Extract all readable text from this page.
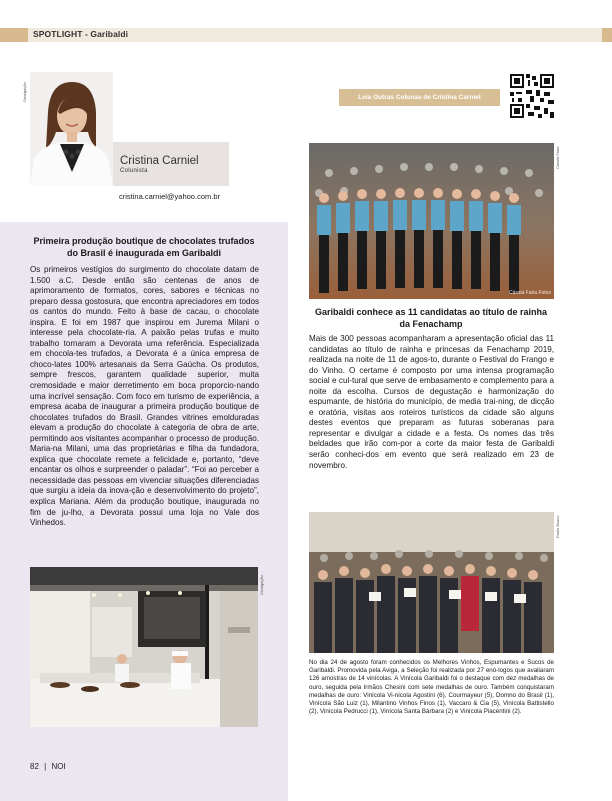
SPOTLIGHT - Garibaldi
Divulgação
Cristina Carniel
Colunista
cristina.carniel@yahoo.com.br
Leia Outras Colunas de Cristina Carniel
Primeira produção boutique de chocolates trufados do Brasil é inaugurada em Garibaldi
Os primeiros vestígios do surgimento do chocolate datam de 1.500 a.C. Desde então são centenas de anos de aprimoramento de formatos, cores, sabores e técnicas no preparo dessa gostosura, que encontra apreciadores em todos os cantos do mundo. Feito à base de cacau, o chocolate inspira. E foi em 1987 que inspirou em Jurema Milani o interesse pela chocolate-ria. A paixão pelas trufas e muito trabalho tornaram a Devorata uma referência. Especializada em chocola-tes trufados, a Devorata é a única empresa de choco-lates 100% artesanais da Serra Gaúcha. Os produtos, sempre frescos, garantem qualidade superior, muita cremosidade e maior derretimento em boca proporcio-nando uma incrível sensação. Com foco em turismo de experiência, a empresa acaba de inaugurar a primeira produção boutique de chocolates trufados do Brasil. Grandes vitrines emolduradas elevam a produção do chocolate à categoria de obra de arte, permitindo aos visitantes acompanhar o processo de produção. Maria-na Milani, uma das proprietárias e filha da fundadora, explica que chocolate remete a felicidade e, portanto, “deve encantar os olhos e surpreender o paladar”. “Foi ao perceber a necessidade das pessoas em vivenciar situações diferenciadas que surgiu a ideia da inova-ção e desenvolvimento do projeto”, explica Mariana. Além da produção boutique, inaugurada no fim de ju-lho, a Devorata possui uma loja no Vale dos Vinhedos.
Divulgação
82 | NOI
Cassia Faria
Cássia Faria Fotos
Garibaldi conhece as 11 candidatas ao título de rainha da Fenachamp
Mais de 300 pessoas acompanharam a apresentação oficial das 11 candidatas ao título de rainha e princesas da Fenachamp 2019, realizada na noite de 11 de agos-to, durante o Festival do Frango e do Vinho. O certame é composto por uma intensa programação social e cul-tural que serve de embasamento e complemento para a noite da escolha. Cursos de degustação e harmonização do espumante, de história do município, de media trai-ning, de dicção e oratória, visitas aos roteiros turísticos da cidade são alguns destes eventos que preparam as futuras soberanas para representar e divulgar a cidade e a festa. Os nomes das três beldades que irão com-por a corte da maior festa de Garibaldi serão conheci-dos em evento que será realizado em 23 de novembro.
Paulo Bosco
No dia 24 de agosto foram conhecidos os Melhores Vinhos, Espumantes e Sucos de Garibaldi. Promovida pela Aviga, a Seleção foi realizada por 27 enó-logos que avaliaram 126 amostras de 14 vinícolas. A Vinícola Garibaldi foi o destaque com dez medalhas de ouro, seguida pela Irmãos Chesini com sete medalhas de ouro. Também conquistaram medalhas de ouro: Vinícola Vi-nícola Agostini (6), Courmayeur (5), Domno do Brasil (1), Vinícola São Luiz (1), Milantino Vinhos Finos (1), Vaccaro & Cia (5), Vinícola Battistello (2), Vinícola Pedrucci (1), Vinícola Santa Bárbara (2) e Vinícola Piacentini (2).
